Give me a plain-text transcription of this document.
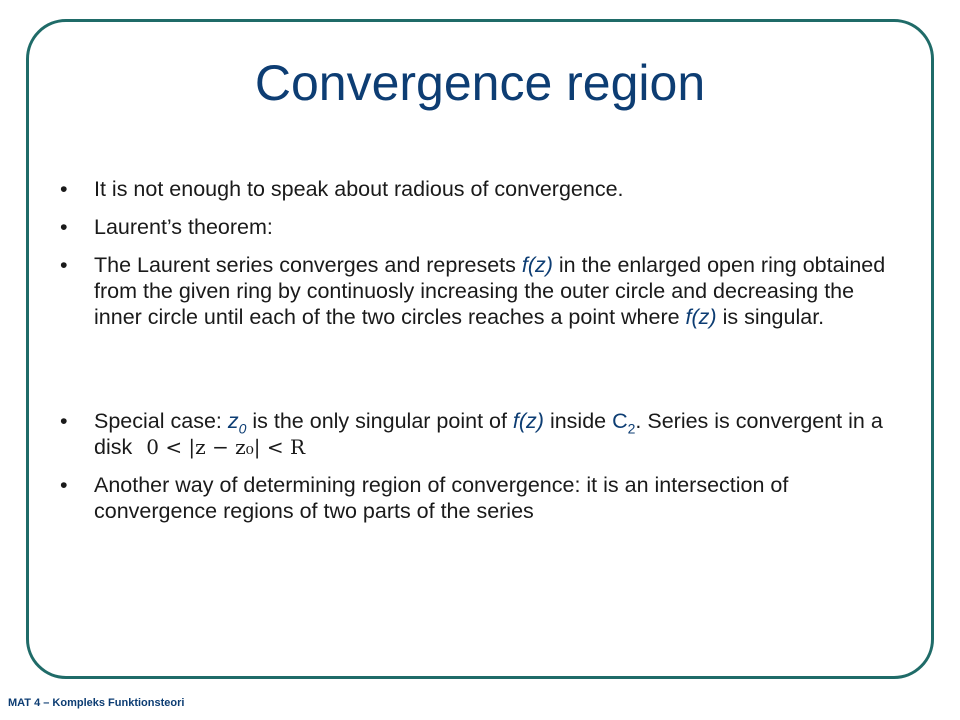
Convergence region
• It is not enough to speak about radious of convergence.
• Laurent’s theorem:
• The Laurent series converges and represets f(z) in the enlarged open ring obtained from the given ring by continuosly increasing the outer circle and decreasing the inner circle until each of the two circles reaches a point where f(z) is singular.
• Special case: $z_0$ is the only singular point of f(z) inside $C_2$. Series is convergent in a disk 0 < |z − z₀| < R
• Another way of determining region of convergence: it is an intersection of convergence regions of two parts of the series
MAT 4 – Kompleks Funktionsteori
